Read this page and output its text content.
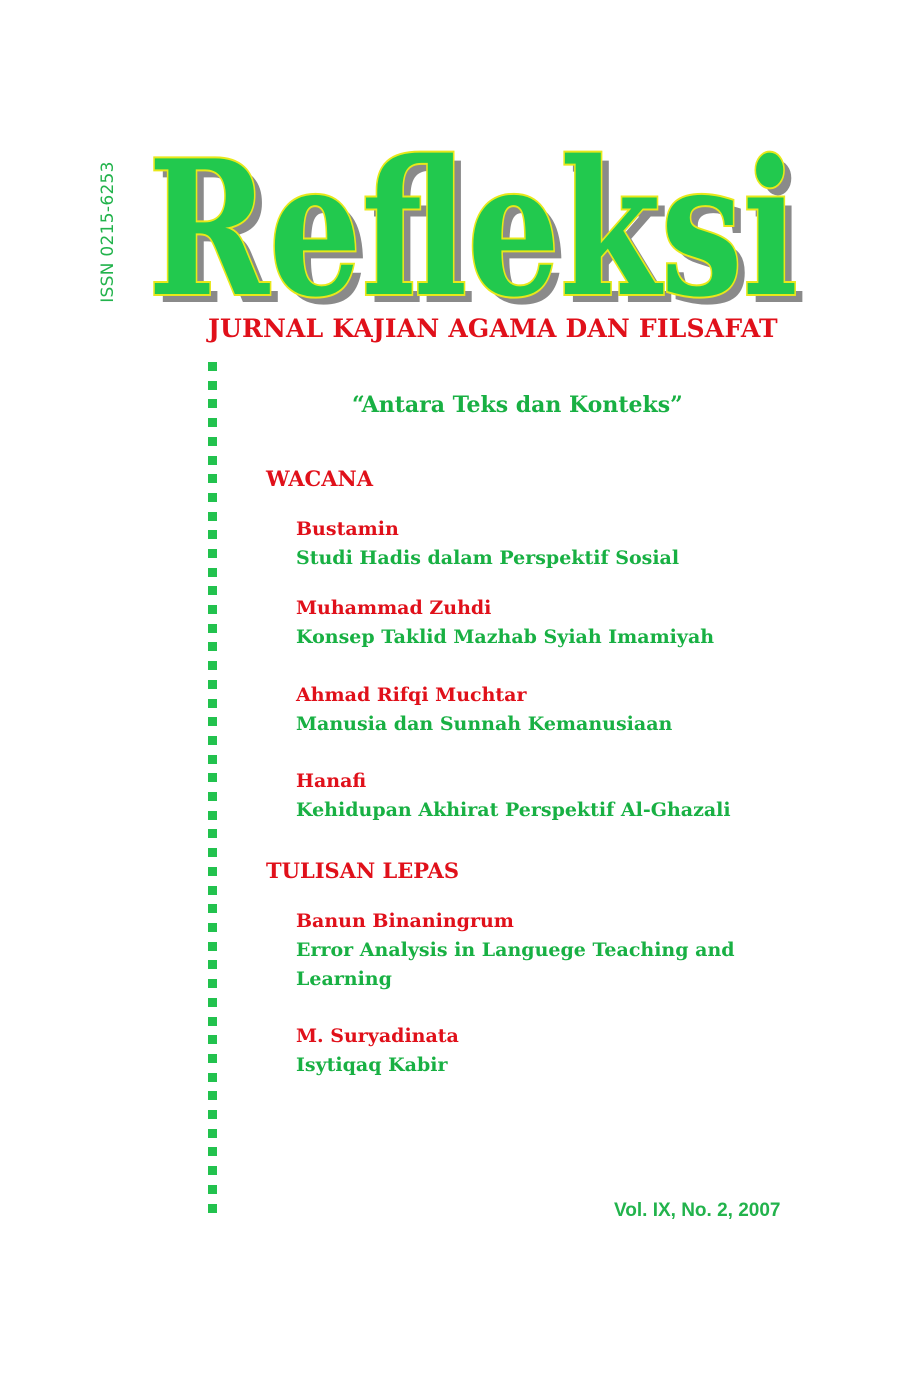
ISSN 0215-6253 Refleksi
Refleksi
JURNAL KAJIAN AGAMA DAN FILSAFAT
“Antara Teks dan Konteks”
WACANA
Bustamin
Studi Hadis dalam Perspektif Sosial
Muhammad Zuhdi
Konsep Taklid Mazhab Syiah Imamiyah
Ahmad Rifqi Muchtar
Manusia dan Sunnah Kemanusiaan
Hanafi
Kehidupan Akhirat Perspektif Al-Ghazali
TULISAN LEPAS
Banun Binaningrum
Error Analysis in Languege Teaching and Learning
M. Suryadinata
Isytiqaq Kabir
Vol. IX, No. 2, 2007
